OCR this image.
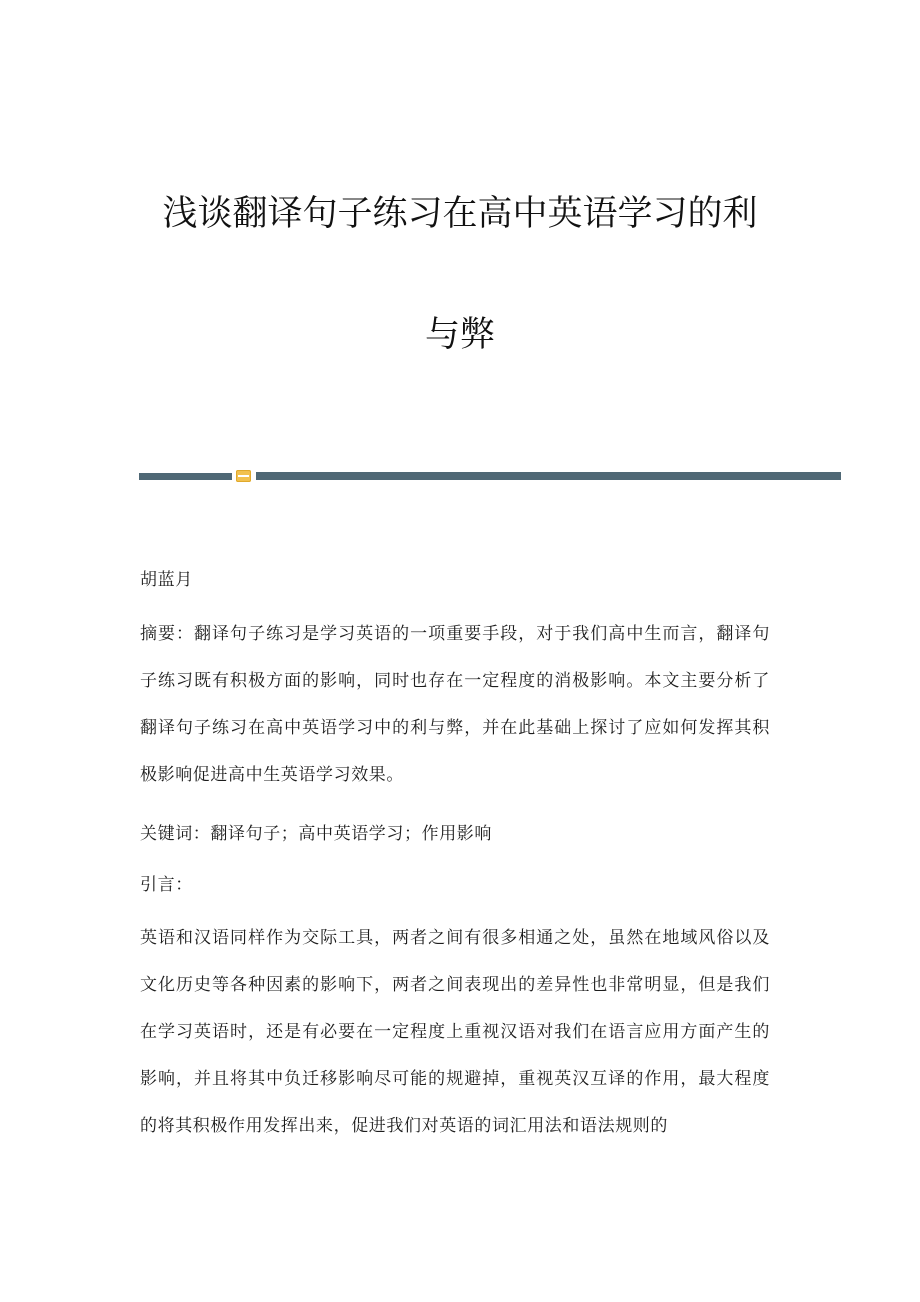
浅谈翻译句子练习在高中英语学习的利
与弊
胡蓝月
摘要：翻译句子练习是学习英语的一项重要手段，对于我们高中生而言，翻译句子练习既有积极方面的影响，同时也存在一定程度的消极影响。本文主要分析了翻译句子练习在高中英语学习中的利与弊，并在此基础上探讨了应如何发挥其积极影响促进高中生英语学习效果。
关键词：翻译句子；高中英语学习；作用影响
引言：
英语和汉语同样作为交际工具，两者之间有很多相通之处，虽然在地域风俗以及文化历史等各种因素的影响下，两者之间表现出的差异性也非常明显，但是我们在学习英语时，还是有必要在一定程度上重视汉语对我们在语言应用方面产生的影响，并且将其中负迁移影响尽可能的规避掉，重视英汉互译的作用，最大程度的将其积极作用发挥出来，促进我们对英语的词汇用法和语法规则的
